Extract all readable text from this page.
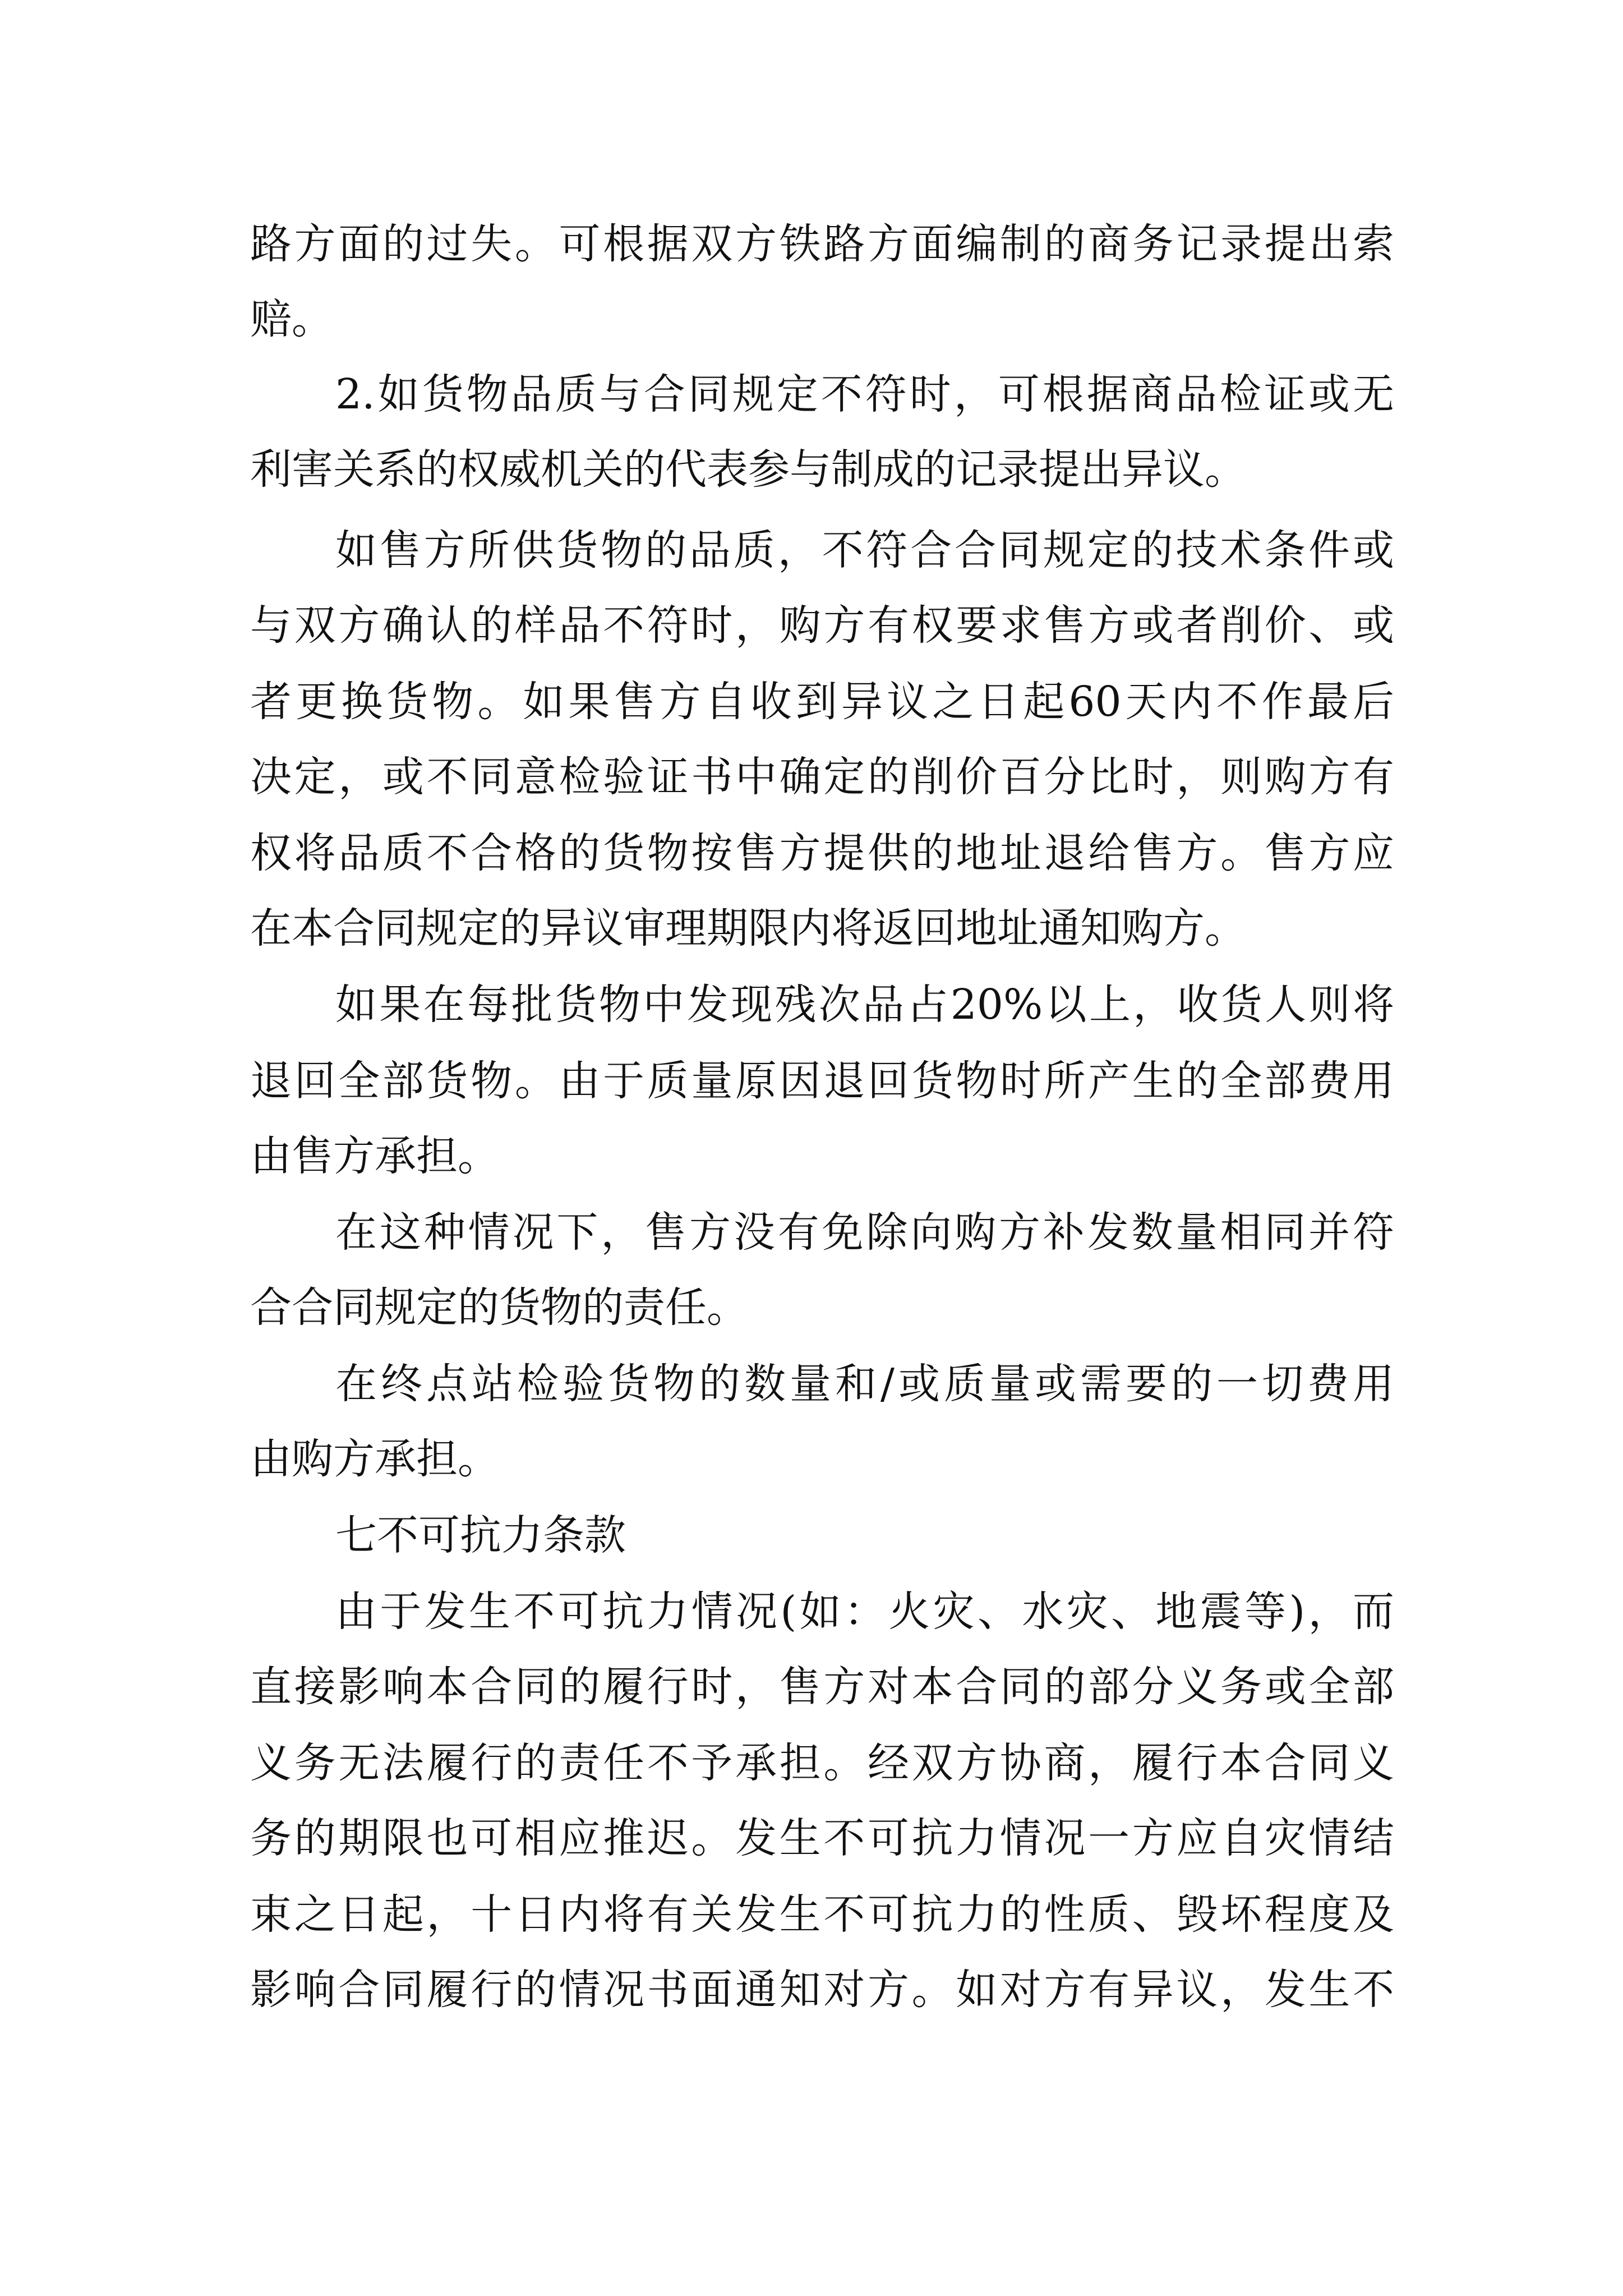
路方面的过失。可根据双方铁路方面编制的商务记录提出索
赔。
2.如货物品质与合同规定不符时，可根据商品检证或无
利害关系的权威机关的代表参与制成的记录提出异议。
如售方所供货物的品质，不符合合同规定的技术条件或
与双方确认的样品不符时，购方有权要求售方或者削价、或
者更换货物。如果售方自收到异议之日起60天内不作最后
决定，或不同意检验证书中确定的削价百分比时，则购方有
权将品质不合格的货物按售方提供的地址退给售方。售方应
在本合同规定的异议审理期限内将返回地址通知购方。
如果在每批货物中发现残次品占20%以上，收货人则将
退回全部货物。由于质量原因退回货物时所产生的全部费用
由售方承担。
在这种情况下，售方没有免除向购方补发数量相同并符
合合同规定的货物的责任。
在终点站检验货物的数量和/或质量或需要的一切费用
由购方承担。
七不可抗力条款
由于发生不可抗力情况(如：火灾、水灾、地震等)，而
直接影响本合同的履行时，售方对本合同的部分义务或全部
义务无法履行的责任不予承担。经双方协商，履行本合同义
务的期限也可相应推迟。发生不可抗力情况一方应自灾情结
束之日起，十日内将有关发生不可抗力的性质、毁坏程度及
影响合同履行的情况书面通知对方。如对方有异议，发生不
